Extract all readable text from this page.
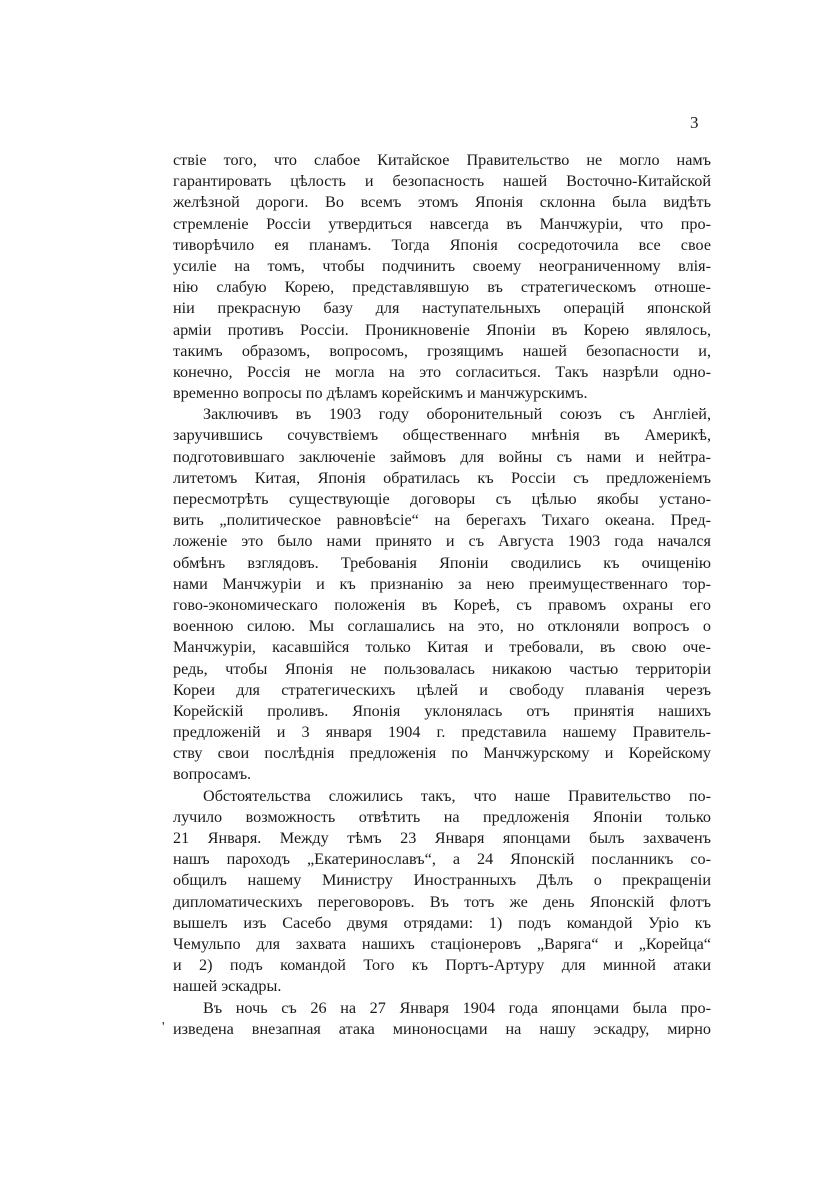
3
ствіе того, что слабое Китайское Правительство не могло намъ
гарантировать цѣлость и безопасность нашей Восточно-Китайской
желѣзной дороги. Во всемъ этомъ Японія склонна была видѣть
стремленіе Россіи утвердиться навсегда въ Манчжуріи, что про-
тиворѣчило ея планамъ. Тогда Японія сосредоточила все свое
усиліе на томъ, чтобы подчинить своему неограниченному влія-
нію слабую Корею, представлявшую въ стратегическомъ отноше-
ніи прекрасную базу для наступательныхъ операцій японской
арміи противъ Россіи. Проникновеніе Японіи въ Корею являлось,
такимъ образомъ, вопросомъ, грозящимъ нашей безопасности и,
конечно, Россія не могла на это согласиться. Такъ назрѣли одно-
временно вопросы по дѣламъ корейскимъ и манчжурскимъ.
Заключивъ въ 1903 году оборонительный союзъ съ Англіей,
заручившись сочувствіемъ общественнаго мнѣнія въ Америкѣ,
подготовившаго заключеніе займовъ для войны съ нами и нейтра-
литетомъ Китая, Японія обратилась къ Россіи съ предложеніемъ
пересмотрѣть существующіе договоры съ цѣлью якобы устано-
вить „политическое равновѣсіе“ на берегахъ Тихаго океана. Пред-
ложеніе это было нами принято и съ Августа 1903 года начался
обмѣнъ взглядовъ. Требованія Японіи сводились къ очищенію
нами Манчжуріи и къ признанію за нею преимущественнаго тор-
гово-экономическаго положенія въ Кореѣ, съ правомъ охраны его
военною силою. Мы соглашались на это, но отклоняли вопросъ о
Манчжуріи, касавшійся только Китая и требовали, въ свою оче-
редь, чтобы Японія не пользовалась никакою частью территоріи
Кореи для стратегическихъ цѣлей и свободу плаванія черезъ
Корейскій проливъ. Японія уклонялась отъ принятія нашихъ
предложеній и 3 января 1904 г. представила нашему Правитель-
ству свои послѣднія предложенія по Манчжурскому и Корейскому
вопросамъ.
Обстоятельства сложились такъ, что наше Правительство по-
лучило возможность отвѣтить на предложенія Японіи только
21 Января. Между тѣмъ 23 Января японцами былъ захваченъ
нашъ пароходъ „Екатеринославъ“, а 24 Японскій посланникъ со-
общилъ нашему Министру Иностранныхъ Дѣлъ о прекращеніи
дипломатическихъ переговоровъ. Въ тотъ же день Японскій флотъ
вышелъ изъ Сасебо двумя отрядами: 1) подъ командой Уріо къ
Чемульпо для захвата нашихъ стаціонеровъ „Варяга“ и „Корейца“
и 2) подъ командой Того къ Портъ-Артуру для минной атаки
нашей эскадры.
Въ ночь съ 26 на 27 Января 1904 года японцами была про-
изведена внезапная атака миноносцами на нашу эскадру, мирно
'
